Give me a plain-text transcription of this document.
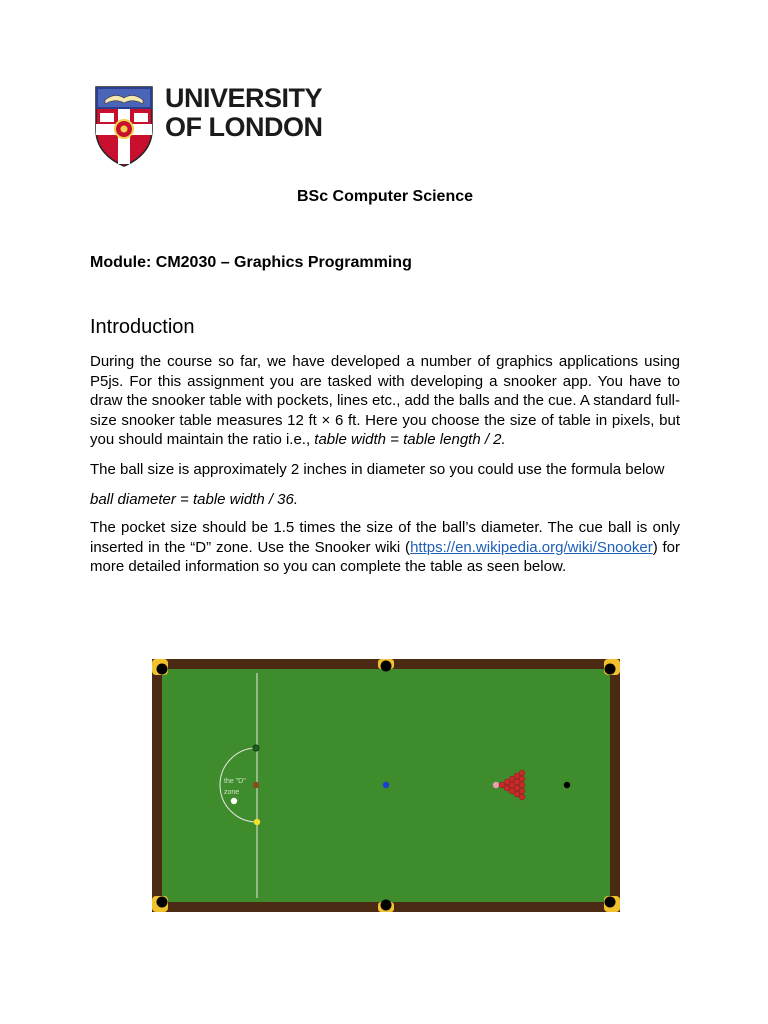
UNIVERSITY
OF LONDON
BSc Computer Science
Module: CM2030 – Graphics Programming
Introduction
During the course so far, we have developed a number of graphics applications using P5js. For this assignment you are tasked with developing a snooker app. You have to draw the snooker table with pockets, lines etc., add the balls and the cue. A standard full-size snooker table measures 12 ft × 6 ft. Here you choose the size of table in pixels, but you should maintain the ratio i.e., table width = table length / 2.
The ball size is approximately 2 inches in diameter so you could use the formula below
ball diameter = table width / 36.
The pocket size should be 1.5 times the size of the ball’s diameter. The cue ball is only inserted in the “D” zone. Use the Snooker wiki (https://en.wikipedia.org/wiki/Snooker) for more detailed information so you can complete the table as seen below.
the "D"
zone
